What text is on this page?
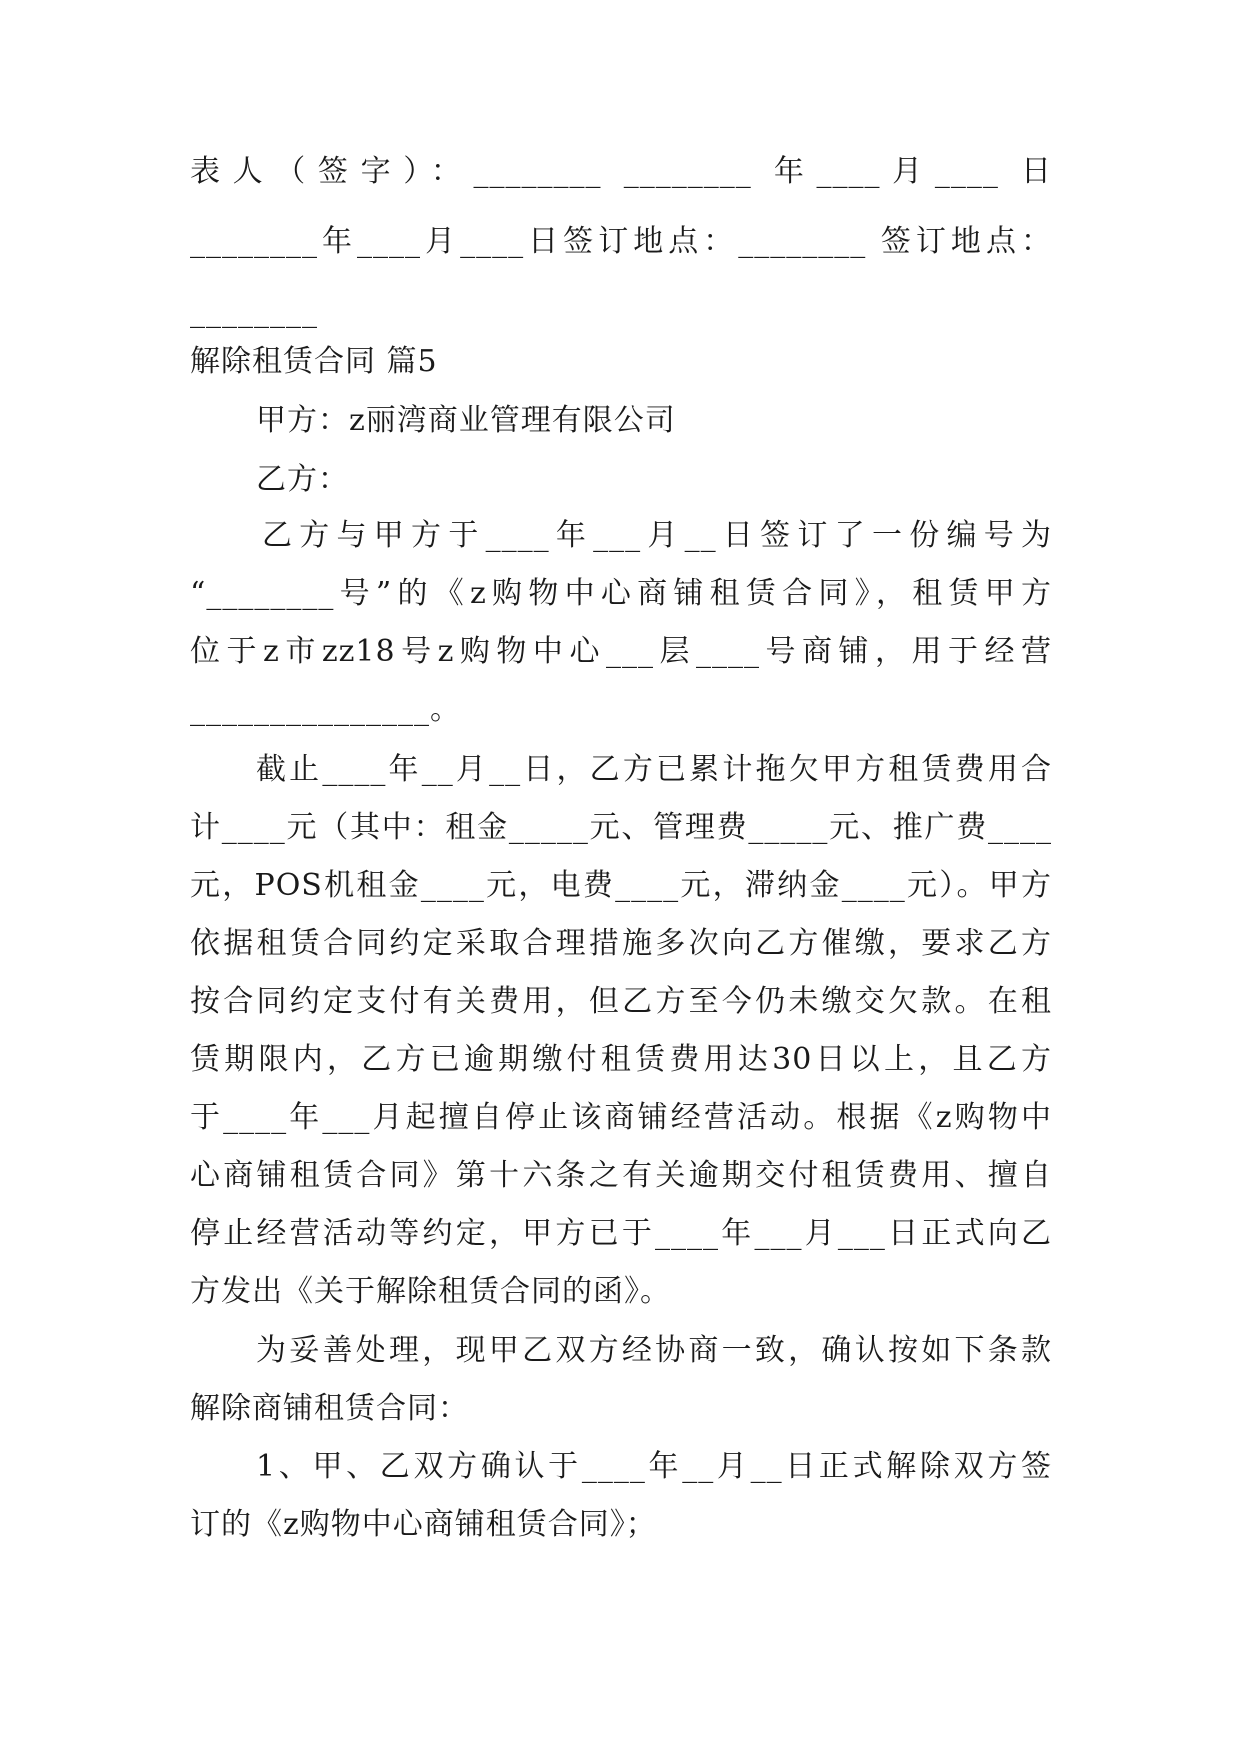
表人（签字）：________ ________ 年____月____ 日
________年____月____日签订地点：________ 签订地点：
________
解除租赁合同 篇5
甲方：z丽湾商业管理有限公司
乙方：
乙方与甲方于____年___月__日签订了一份编号为
“________号”的《z购物中心商铺租赁合同》，租赁甲方
位于z市zz18号z购物中心___层____号商铺，用于经营
_______________。
截止____年__月__日，乙方已累计拖欠甲方租赁费用合
计____元（其中：租金_____元、管理费_____元、推广费____
元，POS机租金____元，电费____元，滞纳金____元）。甲方
依据租赁合同约定采取合理措施多次向乙方催缴，要求乙方
按合同约定支付有关费用，但乙方至今仍未缴交欠款。在租
赁期限内，乙方已逾期缴付租赁费用达30日以上，且乙方
于____年___月起擅自停止该商铺经营活动。根据《z购物中
心商铺租赁合同》第十六条之有关逾期交付租赁费用、擅自
停止经营活动等约定，甲方已于____年___月___日正式向乙
方发出《关于解除租赁合同的函》。
为妥善处理，现甲乙双方经协商一致，确认按如下条款
解除商铺租赁合同：
1、甲、乙双方确认于____年__月__日正式解除双方签
订的《z购物中心商铺租赁合同》；
